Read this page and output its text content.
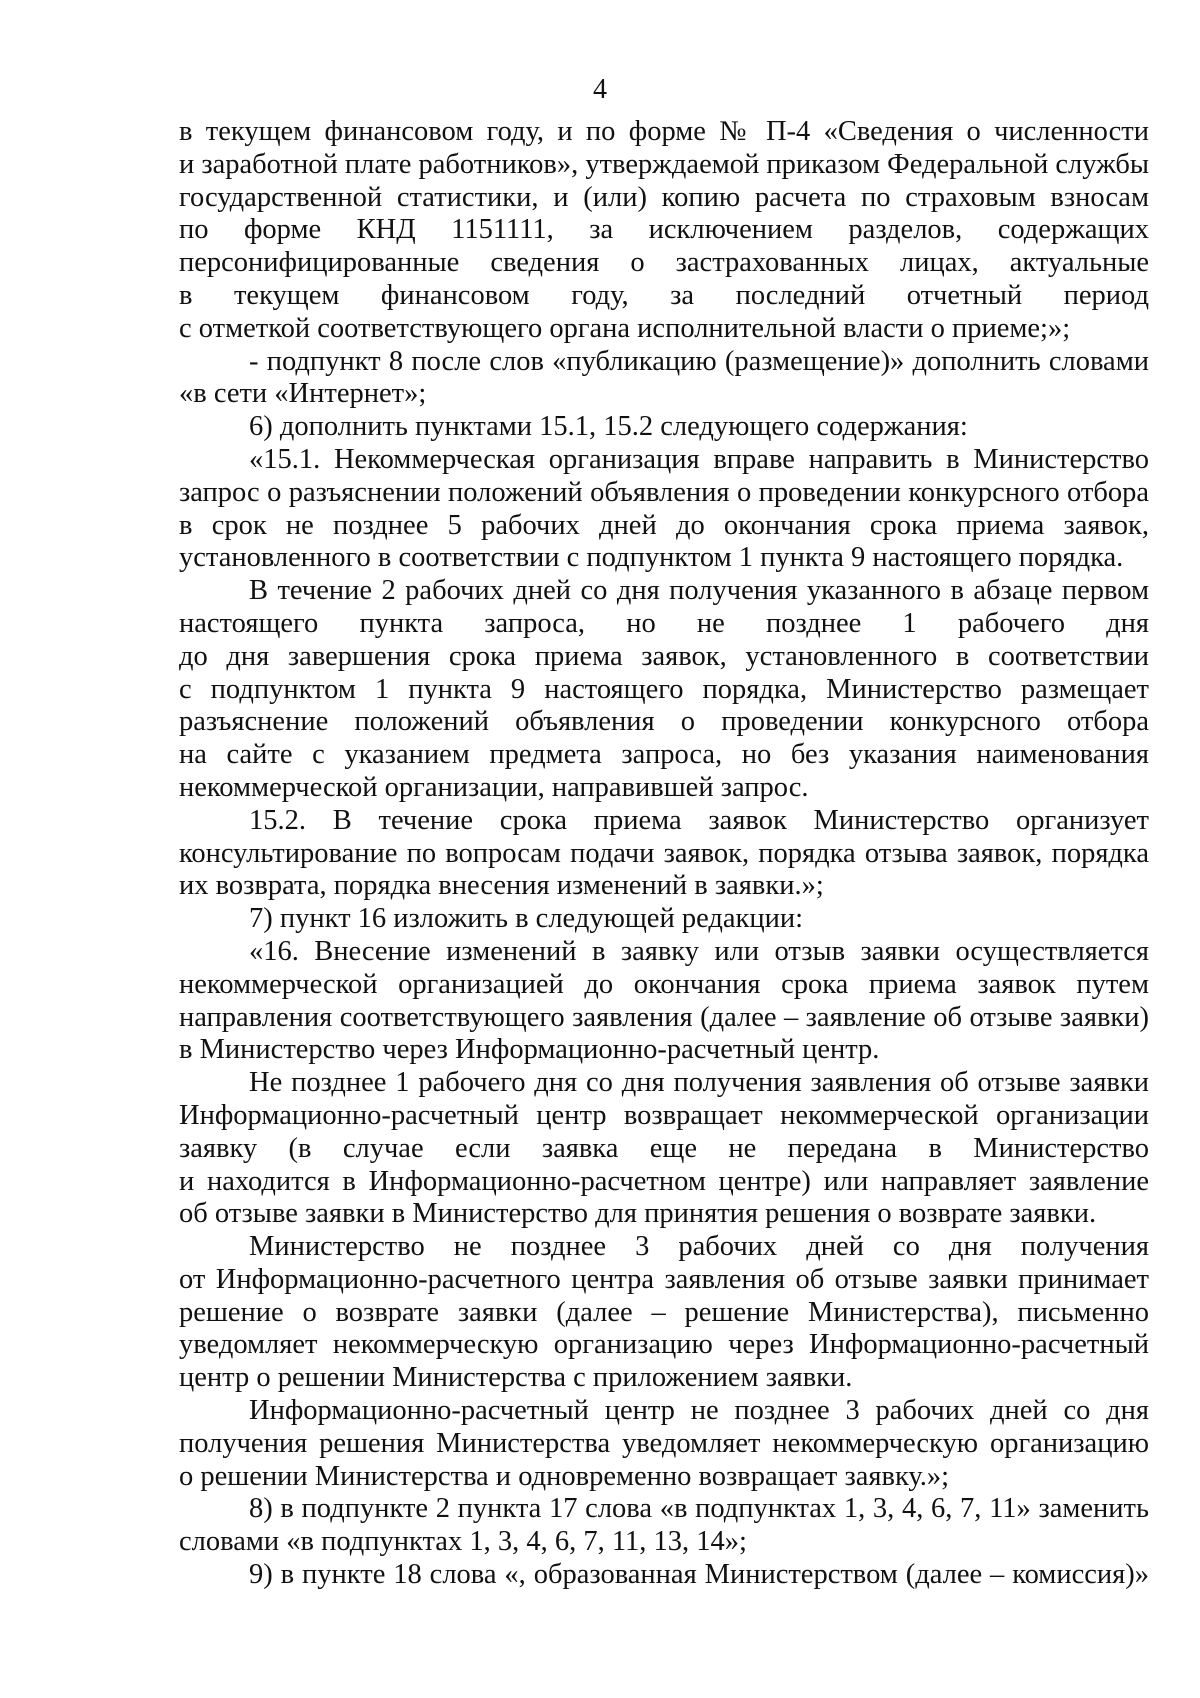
4
в текущем финансовом году, и по форме № П-4 «Сведения о численности
и заработной плате работников», утверждаемой приказом Федеральной службы
государственной статистики, и (или) копию расчета по страховым взносам
по форме КНД 1151111, за исключением разделов, содержащих
персонифицированные сведения о застрахованных лицах, актуальные
в текущем финансовом году, за последний отчетный период
с отметкой соответствующего органа исполнительной власти о приеме;»;
- подпункт 8 после слов «публикацию (размещение)» дополнить словами
«в сети «Интернет»;
6) дополнить пунктами 15.1, 15.2 следующего содержания:
«15.1. Некоммерческая организация вправе направить в Министерство
запрос о разъяснении положений объявления о проведении конкурсного отбора
в срок не позднее 5 рабочих дней до окончания срока приема заявок,
установленного в соответствии с подпунктом 1 пункта 9 настоящего порядка.
В течение 2 рабочих дней со дня получения указанного в абзаце первом
настоящего пункта запроса, но не позднее 1 рабочего дня
до дня завершения срока приема заявок, установленного в соответствии
с подпунктом 1 пункта 9 настоящего порядка, Министерство размещает
разъяснение положений объявления о проведении конкурсного отбора
на сайте с указанием предмета запроса, но без указания наименования
некоммерческой организации, направившей запрос.
15.2. В течение срока приема заявок Министерство организует
консультирование по вопросам подачи заявок, порядка отзыва заявок, порядка
их возврата, порядка внесения изменений в заявки.»;
7) пункт 16 изложить в следующей редакции:
«16. Внесение изменений в заявку или отзыв заявки осуществляется
некоммерческой организацией до окончания срока приема заявок путем
направления соответствующего заявления (далее – заявление об отзыве заявки)
в Министерство через Информационно-расчетный центр.
Не позднее 1 рабочего дня со дня получения заявления об отзыве заявки
Информационно-расчетный центр возвращает некоммерческой организации
заявку (в случае если заявка еще не передана в Министерство
и находится в Информационно-расчетном центре) или направляет заявление
об отзыве заявки в Министерство для принятия решения о возврате заявки.
Министерство не позднее 3 рабочих дней со дня получения
от Информационно-расчетного центра заявления об отзыве заявки принимает
решение о возврате заявки (далее – решение Министерства), письменно
уведомляет некоммерческую организацию через Информационно-расчетный
центр о решении Министерства с приложением заявки.
Информационно-расчетный центр не позднее 3 рабочих дней со дня
получения решения Министерства уведомляет некоммерческую организацию
о решении Министерства и одновременно возвращает заявку.»;
8) в подпункте 2 пункта 17 слова «в подпунктах 1, 3, 4, 6, 7, 11» заменить
словами «в подпунктах 1, 3, 4, 6, 7, 11, 13, 14»;
9) в пункте 18 слова «, образованная Министерством (далее – комиссия)»
